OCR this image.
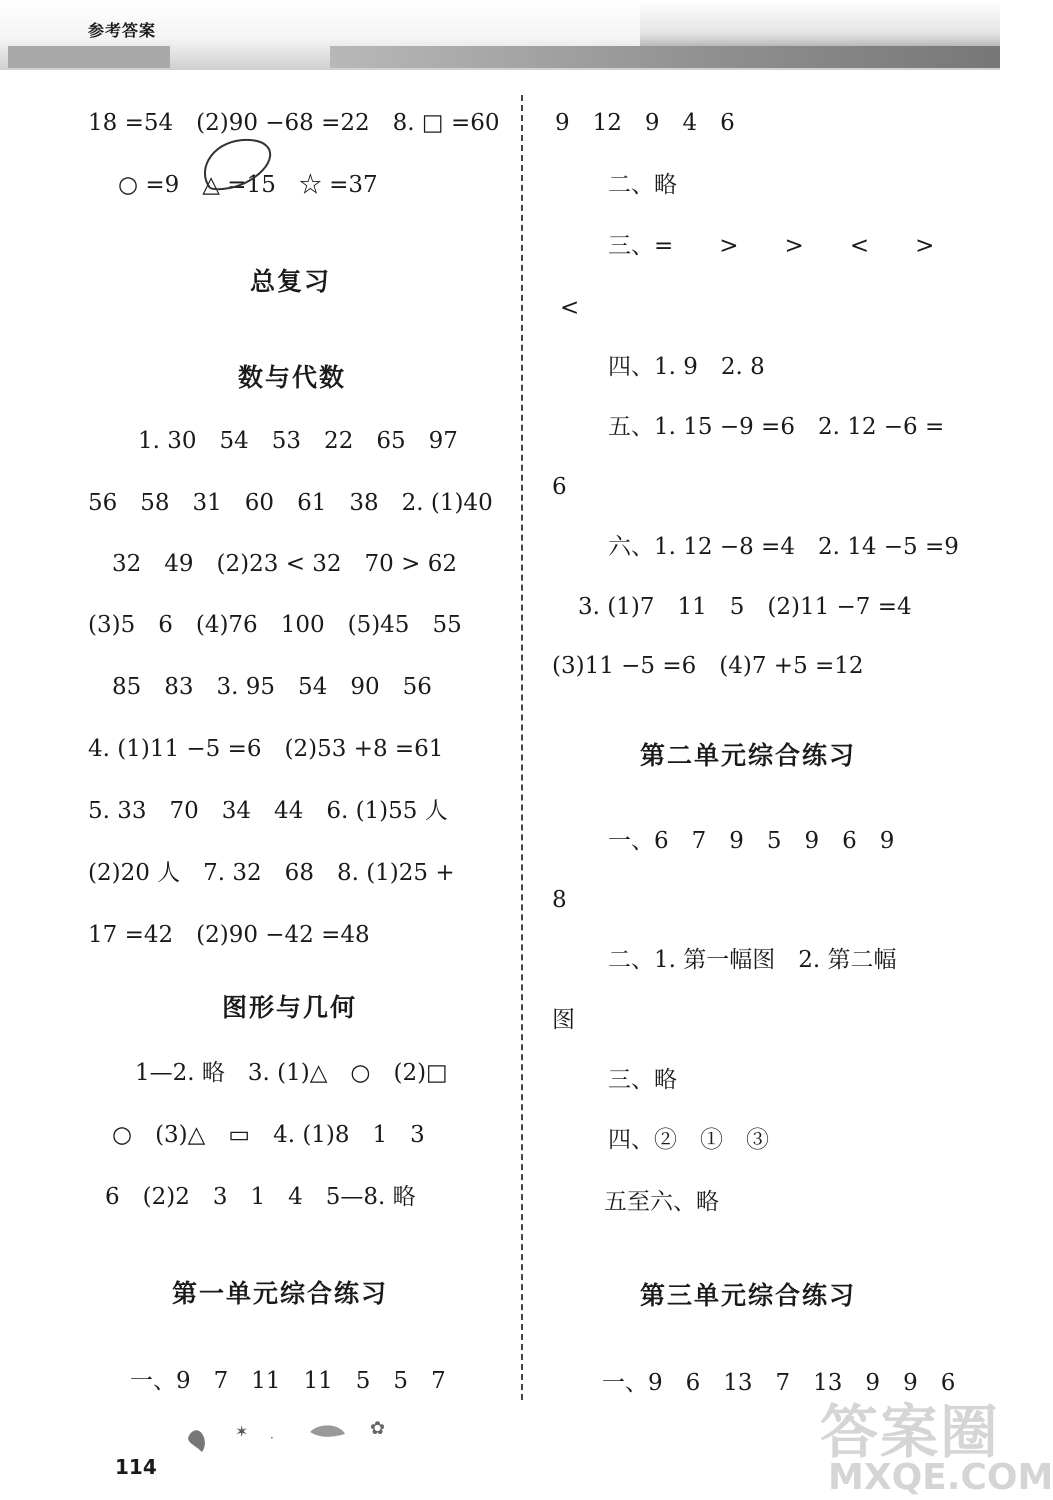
参考答案
18 =54　(2)90 −68 =22　8. □ =60
○ =9　△ =15　☆ =37
总复习
数与代数
1. 30　54　53　22　65　97
56　58　31　60　61　38　2. (1)40
32　49　(2)23 < 32　70 > 62
(3)5　6　(4)76　100　(5)45　55
85　83　3. 95　54　90　56
4. (1)11 −5 =6　(2)53 +8 =61
5. 33　70　34　44　6. (1)55 人
(2)20 人　7. 32　68　8. (1)25 +
17 =42　(2)90 −42 =48
图形与几何
1—2. 略　3. (1)△　○　(2)□
○　(3)△　▭　4. (1)8　1　3
6　(2)2　3　1　4　5—8. 略
第一单元综合练习
一、9　7　11　11　5　5　7
✶ ·	✿
114
9　12　9　4　6
二、略
三、=　　>　　>　　<　　>
<
四、1. 9　2. 8
五、1. 15 −9 =6　2. 12 −6 =
6
六、1. 12 −8 =4　2. 14 −5 =9
3. (1)7　11　5　(2)11 −7 =4
(3)11 −5 =6　(4)7 +5 =12
第二单元综合练习
一、6　7　9　5　9　6　9
8
二、1. 第一幅图　2. 第二幅
图
三、略
四、②　①　③
五至六、略
第三单元综合练习
一、9　6　13　7　13　9　9　6
答案圈
MXQE.COM
